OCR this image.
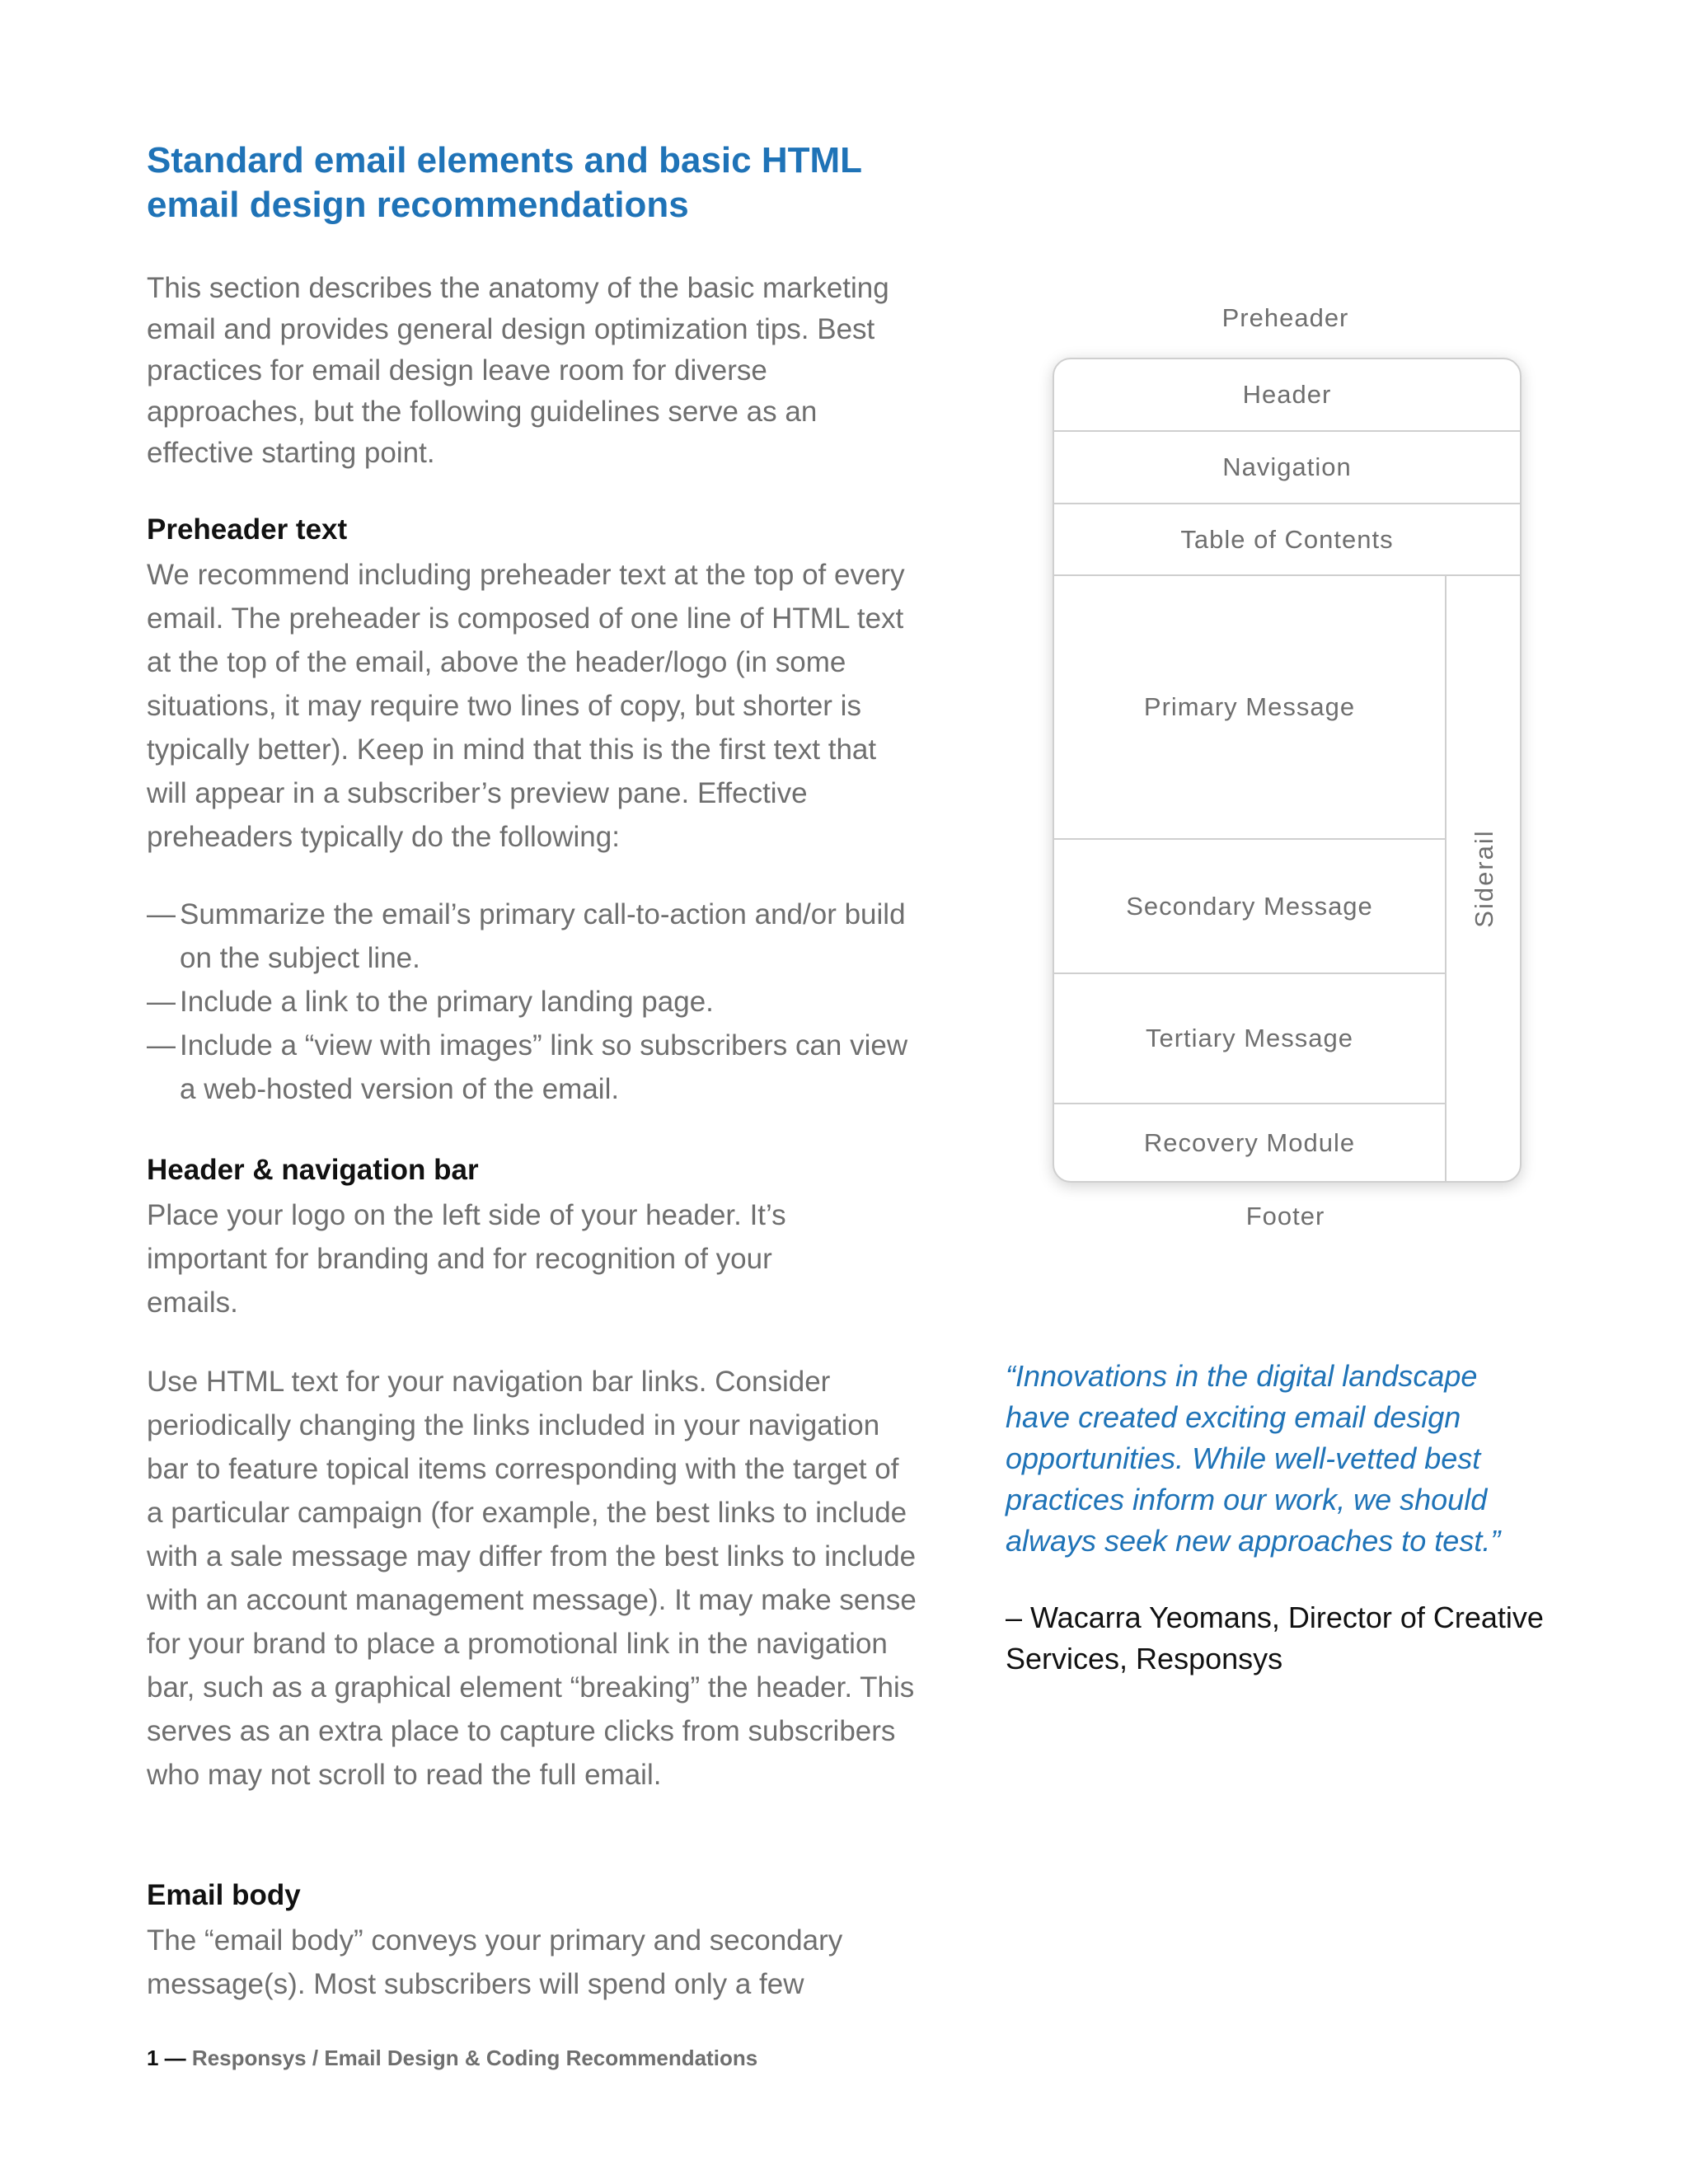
Standard email elements and basic HTML email design recommendations
This section describes the anatomy of the basic marketing email and provides general design optimization tips. Best practices for email design leave room for diverse approaches, but the following guidelines serve as an effective starting point.
Preheader text
We recommend including preheader text at the top of every email. The preheader is composed of one line of HTML text at the top of the email, above the header/logo (in some situations, it may require two lines of copy, but shorter is typically better). Keep in mind that this is the first text that will appear in a subscriber’s preview pane. Effective preheaders typically do the following:
— Summarize the email’s primary call-to-action and/or build on the subject line.
— Include a link to the primary landing page.
— Include a “view with images” link so subscribers can view a web-hosted version of the email.
Header & navigation bar
Place your logo on the left side of your header. It’s important for branding and for recognition of your emails.
Use HTML text for your navigation bar links. Consider periodically changing the links included in your navigation bar to feature topical items corresponding with the target of a particular campaign (for example, the best links to include with a sale message may differ from the best links to include with an account management message). It may make sense for your brand to place a promotional link in the navigation bar, such as a graphical element “breaking” the header. This serves as an extra place to capture clicks from subscribers who may not scroll to read the full email.
Email body
The “email body” conveys your primary and secondary message(s). Most subscribers will spend only a few
1 — Responsys / Email Design & Coding Recommendations
Preheader
Header
Navigation
Table of Contents
Primary Message
Secondary Message
Tertiary Message
Recovery Module
Siderail
Footer
“Innovations in the digital landscape have created exciting email design opportunities. While well-vetted best practices inform our work, we should always seek new approaches to test.”
– Wacarra Yeomans, Director of Creative Services, Responsys
